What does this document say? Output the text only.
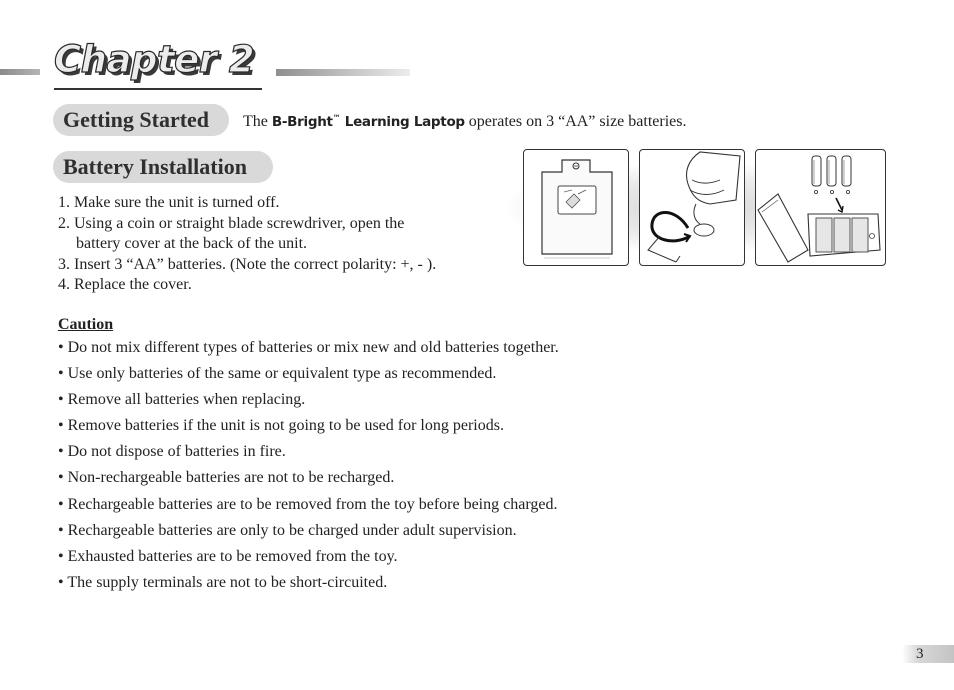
Chapter 2
Getting Started	The B-Bright™ Learning Laptop operates on 3 “AA” size batteries.
Battery Installation
1. Make sure the unit is turned off.
2. Using a coin or straight blade screwdriver, open the
battery cover at the back of the unit.
3. Insert 3 “AA” batteries. (Note the correct polarity: +, - ).
4. Replace the cover.
Caution
• Do not mix different types of batteries or mix new and old batteries together.
• Use only batteries of the same or equivalent type as recommended.
• Remove all batteries when replacing.
• Remove batteries if the unit is not going to be used for long periods.
• Do not dispose of batteries in fire.
• Non-rechargeable batteries are not to be recharged.
• Rechargeable batteries are to be removed from the toy before being charged.
• Rechargeable batteries are only to be charged under adult supervision.
• Exhausted batteries are to be removed from the toy.
• The supply terminals are not to be short-circuited.
3
